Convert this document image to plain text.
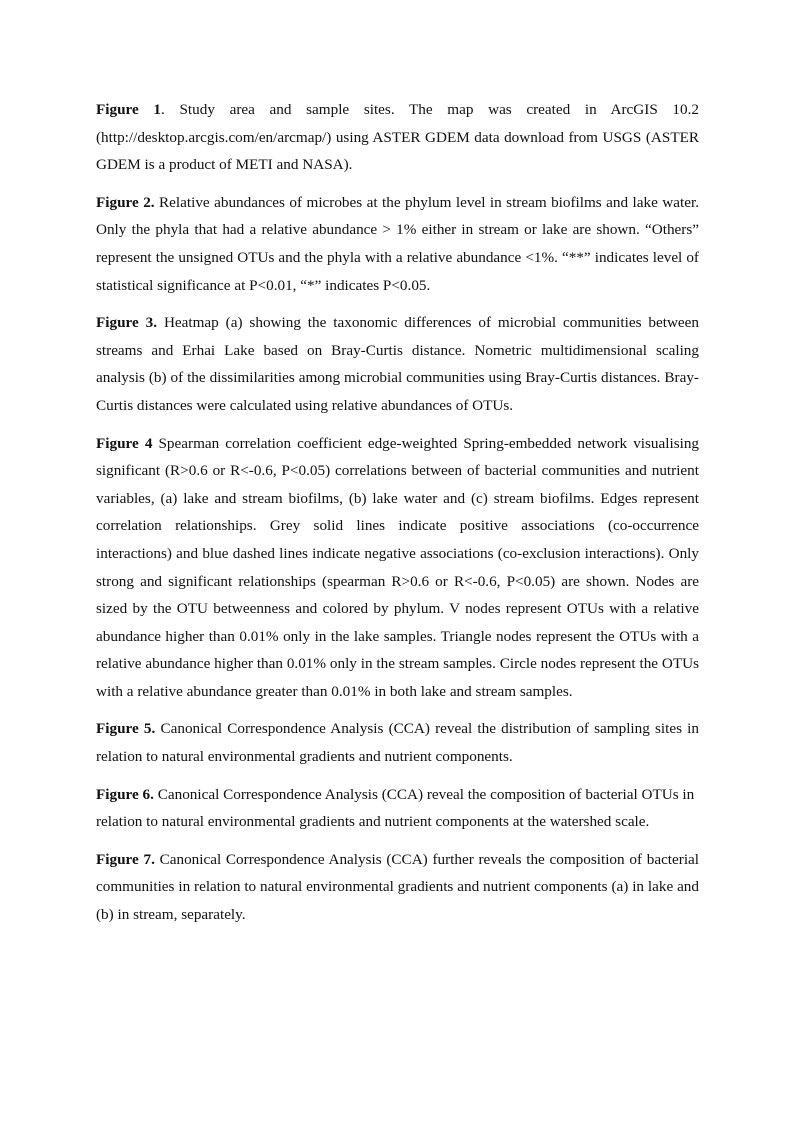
Figure 1. Study area and sample sites. The map was created in ArcGIS 10.2 (http://desktop.arcgis.com/en/arcmap/) using ASTER GDEM data download from USGS (ASTER GDEM is a product of METI and NASA).

Figure 2. Relative abundances of microbes at the phylum level in stream biofilms and lake water. Only the phyla that had a relative abundance > 1% either in stream or lake are shown. “Others” represent the unsigned OTUs and the phyla with a relative abundance <1%. “**” indicates level of statistical significance at P<0.01, “*” indicates P<0.05.

Figure 3. Heatmap (a) showing the taxonomic differences of microbial communities between streams and Erhai Lake based on Bray-Curtis distance. Nometric multidimensional scaling analysis (b) of the dissimilarities among microbial communities using Bray-Curtis distances. Bray-Curtis distances were calculated using relative abundances of OTUs.

Figure 4 Spearman correlation coefficient edge-weighted Spring-embedded network visualising significant (R>0.6 or R<-0.6, P<0.05) correlations between of bacterial communities and nutrient variables, (a) lake and stream biofilms, (b) lake water and (c) stream biofilms. Edges represent correlation relationships. Grey solid lines indicate positive associations (co-occurrence interactions) and blue dashed lines indicate negative associations (co-exclusion interactions). Only strong and significant relationships (spearman R>0.6 or R<-0.6, P<0.05) are shown. Nodes are sized by the OTU betweenness and colored by phylum. V nodes represent OTUs with a relative abundance higher than 0.01% only in the lake samples. Triangle nodes represent the OTUs with a relative abundance higher than 0.01% only in the stream samples. Circle nodes represent the OTUs with a relative abundance greater than 0.01% in both lake and stream samples.

Figure 5. Canonical Correspondence Analysis (CCA) reveal the distribution of sampling sites in relation to natural environmental gradients and nutrient components.

Figure 6. Canonical Correspondence Analysis (CCA) reveal the composition of bacterial OTUs in relation to natural environmental gradients and nutrient components at the watershed scale.

Figure 7. Canonical Correspondence Analysis (CCA) further reveals the composition of bacterial communities in relation to natural environmental gradients and nutrient components (a) in lake and (b) in stream, separately.
